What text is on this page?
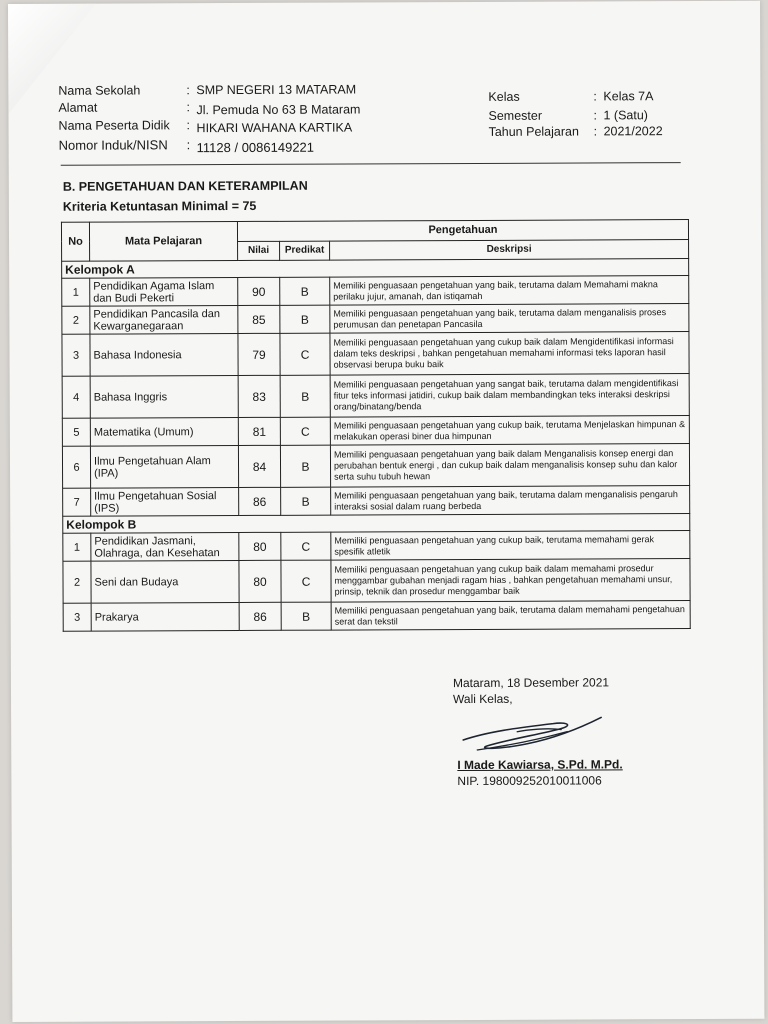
Nama Sekolah	: SMP NEGERI 13 MATARAM	Kelas	: Kelas 7A
Alamat	: Jl. Pemuda No 63 B Mataram	Semester	: 1 (Satu)
Nama Peserta Didik : HIKARI WAHANA KARTIKA	Tahun Pelajaran : 2021/2022
Nomor Induk/NISN : 11128 / 0086149221
B. PENGETAHUAN DAN KETERAMPILAN
Kriteria Ketuntasan Minimal = 75
No	Mata Pelajaran	Pengetahuan		
		Nilai	Predikat	Deskripsi
Kelompok A				
1	Pendidikan Agama Islam dan Budi Pekerti	90	B	Memiliki penguasaan pengetahuan yang baik, terutama dalam Memahami makna perilaku jujur, amanah, dan istiqamah
2	Pendidikan Pancasila dan Kewarganegaraan	85	B	Memiliki penguasaan pengetahuan yang baik, terutama dalam menganalisis proses perumusan dan penetapan Pancasila
3	Bahasa Indonesia	79	C	Memiliki penguasaan pengetahuan yang cukup baik dalam Mengidentifikasi informasi dalam teks deskripsi , bahkan pengetahuan memahami informasi teks laporan hasil observasi berupa buku baik
4	Bahasa Inggris	83	B	Memiliki penguasaan pengetahuan yang sangat baik, terutama dalam mengidentifikasi fitur teks informasi jatidiri, cukup baik dalam membandingkan teks interaksi deskripsi orang/binatang/benda
5	Matematika (Umum)	81	C	Memiliki penguasaan pengetahuan yang cukup baik, terutama Menjelaskan himpunan & melakukan operasi biner dua himpunan
6	Ilmu Pengetahuan Alam (IPA)	84	B	Memiliki penguasaan pengetahuan yang baik dalam Menganalisis konsep energi dan perubahan bentuk energi , dan cukup baik dalam menganalisis konsep suhu dan kalor serta suhu tubuh hewan
7	Ilmu Pengetahuan Sosial (IPS)	86	B	Memiliki penguasaan pengetahuan yang baik, terutama dalam menganalisis pengaruh interaksi sosial dalam ruang berbeda
Kelompok B				
1	Pendidikan Jasmani, Olahraga, dan Kesehatan	80	C	Memiliki penguasaan pengetahuan yang cukup baik, terutama memahami gerak spesifik atletik
2	Seni dan Budaya	80	C	Memiliki penguasaan pengetahuan yang cukup baik dalam memahami prosedur menggambar gubahan menjadi ragam hias , bahkan pengetahuan memahami unsur, prinsip, teknik dan prosedur menggambar baik
3	Prakarya	86	B	Memiliki penguasaan pengetahuan yang baik, terutama dalam memahami pengetahuan serat dan tekstil
Mataram, 18 Desember 2021
Wali Kelas,
I Made Kawiarsa, S.Pd. M.Pd.
NIP. 198009252010011006
